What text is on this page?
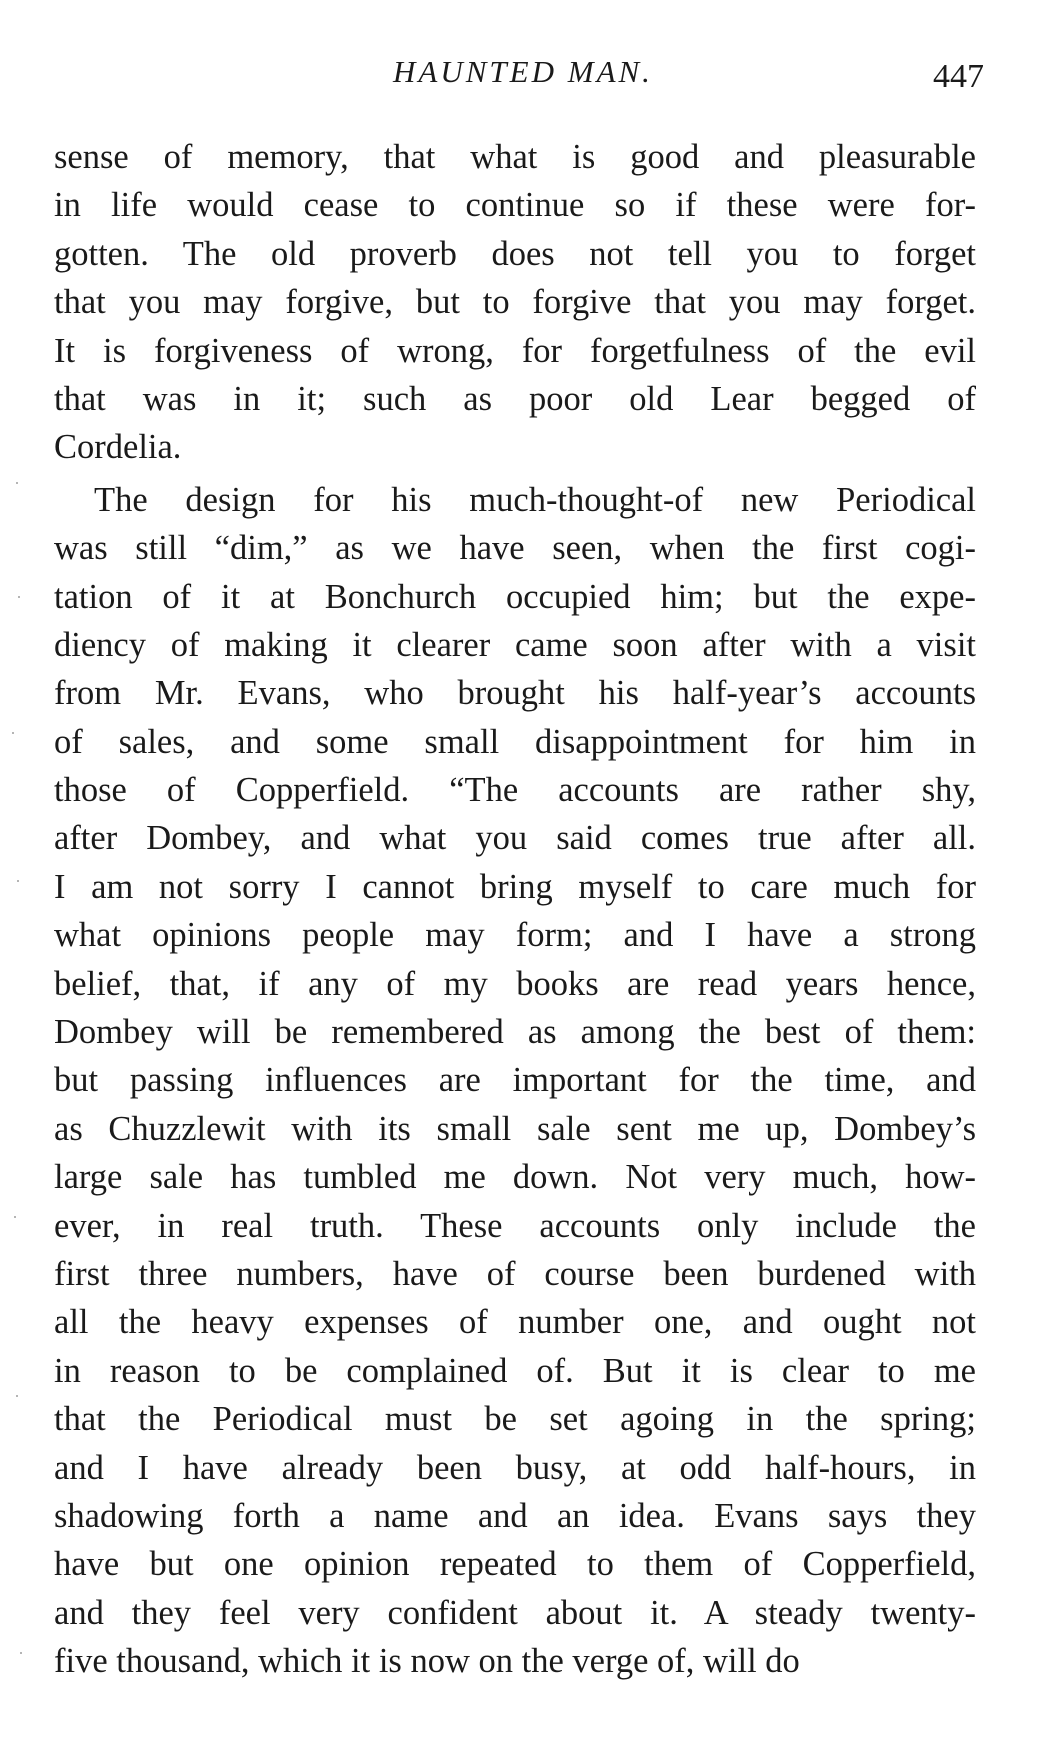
HAUNTED MAN.	447
sense of memory, that what is good and pleasurable
in life would cease to continue so if these were for-
gotten. The old proverb does not tell you to forget
that you may forgive, but to forgive that you may forget.
It is forgiveness of wrong, for forgetfulness of the evil
that was in it; such as poor old Lear begged of
Cordelia.
The design for his much-thought-of new Periodical
was still “dim,” as we have seen, when the first cogi-
tation of it at Bonchurch occupied him; but the expe-
diency of making it clearer came soon after with a visit
from Mr. Evans, who brought his half-year’s accounts
of sales, and some small disappointment for him in
those of Copperfield. “The accounts are rather shy,
after Dombey, and what you said comes true after all.
I am not sorry I cannot bring myself to care much for
what opinions people may form; and I have a strong
belief, that, if any of my books are read years hence,
Dombey will be remembered as among the best of them:
but passing influences are important for the time, and
as Chuzzlewit with its small sale sent me up, Dombey’s
large sale has tumbled me down. Not very much, how-
ever, in real truth. These accounts only include the
first three numbers, have of course been burdened with
all the heavy expenses of number one, and ought not
in reason to be complained of. But it is clear to me
that the Periodical must be set agoing in the spring;
and I have already been busy, at odd half-hours, in
shadowing forth a name and an idea. Evans says they
have but one opinion repeated to them of Copperfield,
and they feel very confident about it. A steady twenty-
five thousand, which it is now on the verge of, will do
